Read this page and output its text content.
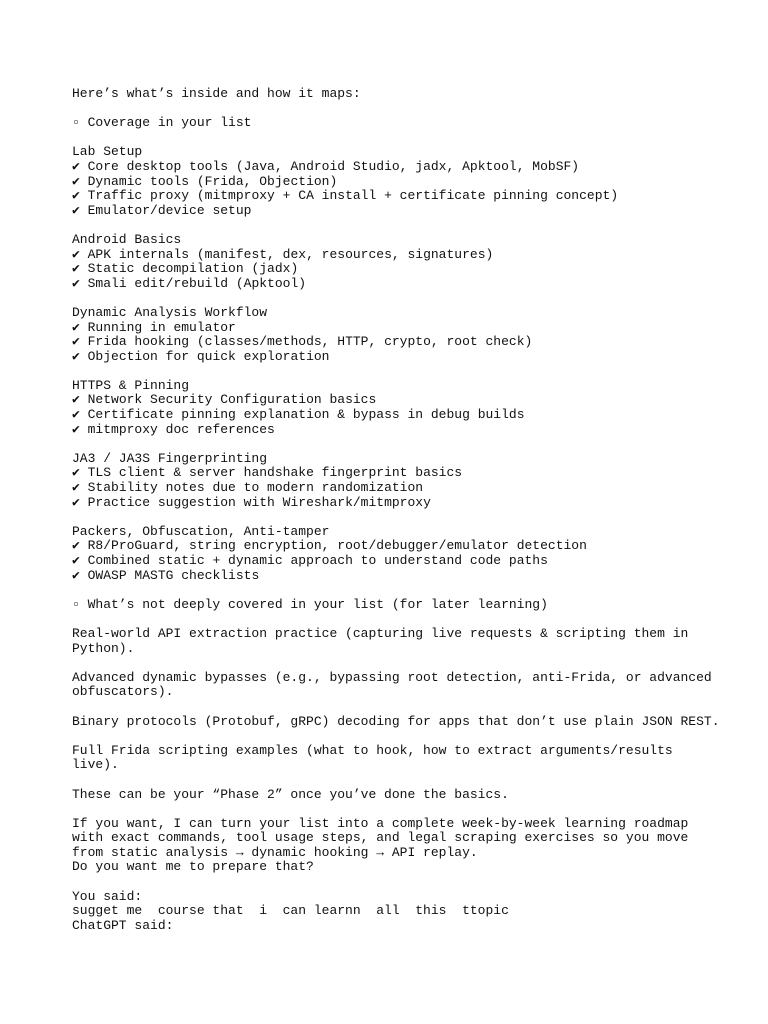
Here’s what’s inside and how it maps:
▫ Coverage in your list
Lab Setup
✔ Core desktop tools (Java, Android Studio, jadx, Apktool, MobSF)
✔ Dynamic tools (Frida, Objection)
✔ Traffic proxy (mitmproxy + CA install + certificate pinning concept)
✔ Emulator/device setup
Android Basics
✔ APK internals (manifest, dex, resources, signatures)
✔ Static decompilation (jadx)
✔ Smali edit/rebuild (Apktool)
Dynamic Analysis Workflow
✔ Running in emulator
✔ Frida hooking (classes/methods, HTTP, crypto, root check)
✔ Objection for quick exploration
HTTPS & Pinning
✔ Network Security Configuration basics
✔ Certificate pinning explanation & bypass in debug builds
✔ mitmproxy doc references
JA3 / JA3S Fingerprinting
✔ TLS client & server handshake fingerprint basics
✔ Stability notes due to modern randomization
✔ Practice suggestion with Wireshark/mitmproxy
Packers, Obfuscation, Anti-tamper
✔ R8/ProGuard, string encryption, root/debugger/emulator detection
✔ Combined static + dynamic approach to understand code paths
✔ OWASP MASTG checklists
▫ What’s not deeply covered in your list (for later learning)
Real-world API extraction practice (capturing live requests & scripting them in
Python).
Advanced dynamic bypasses (e.g., bypassing root detection, anti-Frida, or advanced
obfuscators).
Binary protocols (Protobuf, gRPC) decoding for apps that don’t use plain JSON REST.
Full Frida scripting examples (what to hook, how to extract arguments/results
live).
These can be your “Phase 2” once you’ve done the basics.
If you want, I can turn your list into a complete week-by-week learning roadmap
with exact commands, tool usage steps, and legal scraping exercises so you move
from static analysis → dynamic hooking → API replay.
Do you want me to prepare that?
You said:
sugget me  course that  i  can learnn  all  this  ttopic
ChatGPT said:
